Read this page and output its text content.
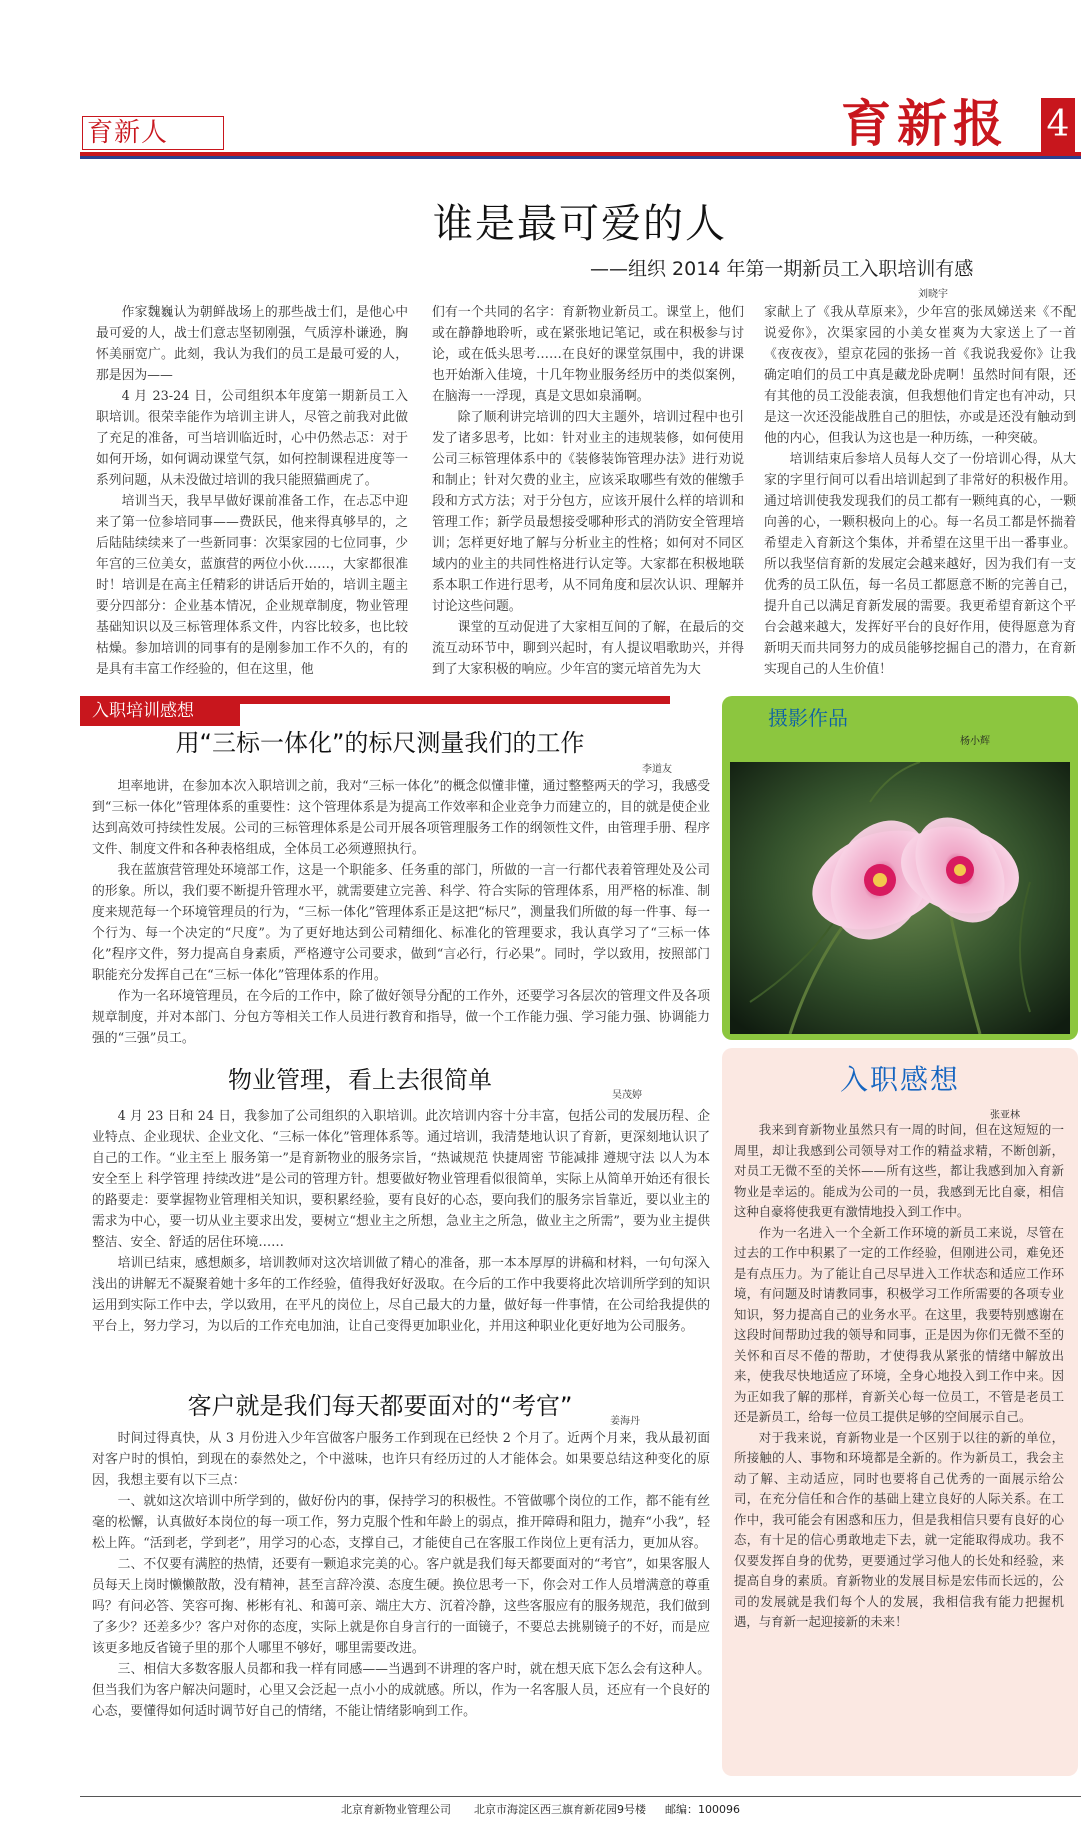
育新人	育新报 4
谁是最可爱的人
——组织 2014 年第一期新员工入职培训有感
刘晓宇

作家魏巍认为朝鲜战场上的那些战士们，是他心中最可爱的人，战士们意志坚韧刚强，气质淳朴谦逊，胸怀美丽宽广。此刻，我认为我们的员工是最可爱的人，那是因为——

4 月 23-24 日，公司组织本年度第一期新员工入职培训。很荣幸能作为培训主讲人，尽管之前我对此做了充足的准备，可当培训临近时，心中仍然忐忑：对于如何开场，如何调动课堂气氛，如何控制课程进度等一系列问题，从未没做过培训的我只能照猫画虎了。

培训当天，我早早做好课前准备工作，在忐忑中迎来了第一位参培同事——费跃民，他来得真够早的，之后陆陆续续来了一些新同事：次渠家园的七位同事，少年宫的三位美女，蓝旗营的两位小伙……，大家都很准时！培训是在高主任精彩的讲话后开始的，培训主题主要分四部分：企业基本情况，企业规章制度，物业管理基础知识以及三标管理体系文件，内容比较多，也比较枯燥。参加培训的同事有的是刚参加工作不久的，有的是具有丰富工作经验的，但在这里，他

们有一个共同的名字：育新物业新员工。课堂上，他们或在静静地聆听，或在紧张地记笔记，或在积极参与讨论，或在低头思考……在良好的课堂氛围中，我的讲课也开始渐入佳境，十几年物业服务经历中的类似案例，在脑海一一浮现，真是文思如泉涌啊。

除了顺利讲完培训的四大主题外，培训过程中也引发了诸多思考，比如：针对业主的违规装修，如何使用公司三标管理体系中的《装修装饰管理办法》进行劝说和制止；针对欠费的业主，应该采取哪些有效的催缴手段和方式方法；对于分包方，应该开展什么样的培训和管理工作；新学员最想接受哪种形式的消防安全管理培训；怎样更好地了解与分析业主的性格；如何对不同区域内的业主的共同性格进行认定等。大家都在积极地联系本职工作进行思考，从不同角度和层次认识、理解并讨论这些问题。

课堂的互动促进了大家相互间的了解，在最后的交流互动环节中，聊到兴起时，有人提议唱歌助兴，并得到了大家积极的响应。少年宫的窦元培首先为大

家献上了《我从草原来》，少年宫的张凤娣送来《不配说爱你》，次渠家园的小美女崔爽为大家送上了一首《夜夜夜》，望京花园的张扬一首《我说我爱你》让我确定咱们的员工中真是藏龙卧虎啊！虽然时间有限，还有其他的员工没能表演，但我想他们肯定也有冲动，只是这一次还没能战胜自己的胆怯，亦或是还没有触动到他的内心，但我认为这也是一种历练，一种突破。

培训结束后参培人员每人交了一份培训心得，从大家的字里行间可以看出培训起到了非常好的积极作用。通过培训使我发现我们的员工都有一颗纯真的心，一颗向善的心，一颗积极向上的心。每一名员工都是怀揣着希望走入育新这个集体，并希望在这里干出一番事业。所以我坚信育新的发展定会越来越好，因为我们有一支优秀的员工队伍，每一名员工都愿意不断的完善自己，提升自己以满足育新发展的需要。我更希望育新这个平台会越来越大，发挥好平台的良好作用，使得愿意为育新明天而共同努力的成员能够挖掘自己的潜力，在育新实现自己的人生价值！

入职培训感想
用“三标一体化”的标尺测量我们的工作
李道友

坦率地讲，在参加本次入职培训之前，我对“三标一体化”的概念似懂非懂，通过整整两天的学习，我感受到“三标一体化”管理体系的重要性：这个管理体系是为提高工作效率和企业竞争力而建立的，目的就是使企业达到高效可持续性发展。公司的三标管理体系是公司开展各项管理服务工作的纲领性文件，由管理手册、程序文件、制度文件和各种表格组成，全体员工必须遵照执行。

我在蓝旗营管理处环境部工作，这是一个职能多、任务重的部门，所做的一言一行都代表着管理处及公司的形象。所以，我们要不断提升管理水平，就需要建立完善、科学、符合实际的管理体系，用严格的标准、制度来规范每一个环境管理员的行为，“三标一体化”管理体系正是这把“标尺”，测量我们所做的每一件事、每一个行为、每一个决定的“尺度”。为了更好地达到公司精细化、标准化的管理要求，我认真学习了“三标一体化”程序文件，努力提高自身素质，严格遵守公司要求，做到“言必行，行必果”。同时，学以致用，按照部门职能充分发挥自己在“三标一体化”管理体系的作用。

作为一名环境管理员，在今后的工作中，除了做好领导分配的工作外，还要学习各层次的管理文件及各项规章制度，并对本部门、分包方等相关工作人员进行教育和指导，做一个工作能力强、学习能力强、协调能力强的“三强”员工。

物业管理，看上去很简单
吴茂婷

4 月 23 日和 24 日，我参加了公司组织的入职培训。此次培训内容十分丰富，包括公司的发展历程、企业特点、企业现状、企业文化、“三标一体化”管理体系等。通过培训，我清楚地认识了育新，更深刻地认识了自己的工作。“业主至上 服务第一”是育新物业的服务宗旨，“热诚规范 快捷周密 节能减排 遵规守法 以人为本 安全至上 科学管理 持续改进”是公司的管理方针。想要做好物业管理看似很简单，实际上从简单开始还有很长的路要走：要掌握物业管理相关知识，要积累经验，要有良好的心态，要向我们的服务宗旨靠近，要以业主的需求为中心，要一切从业主要求出发，要树立“想业主之所想，急业主之所急，做业主之所需”，要为业主提供整洁、安全、舒适的居住环境……

培训已结束，感想颇多，培训教师对这次培训做了精心的准备，那一本本厚厚的讲稿和材料，一句句深入浅出的讲解无不凝聚着她十多年的工作经验，值得我好好汲取。在今后的工作中我要将此次培训所学到的知识运用到实际工作中去，学以致用，在平凡的岗位上，尽自己最大的力量，做好每一件事情，在公司给我提供的平台上，努力学习，为以后的工作充电加油，让自己变得更加职业化，并用这种职业化更好地为公司服务。

客户就是我们每天都要面对的“考官”
姜海丹

时间过得真快，从 3 月份进入少年宫做客户服务工作到现在已经快 2 个月了。近两个月来，我从最初面对客户时的惧怕，到现在的泰然处之，个中滋味，也许只有经历过的人才能体会。如果要总结这种变化的原因，我想主要有以下三点：

一、就如这次培训中所学到的，做好份内的事，保持学习的积极性。不管做哪个岗位的工作，都不能有丝毫的松懈，认真做好本岗位的每一项工作，努力克服个性和年龄上的弱点，推开障碍和阻力，抛弃“小我”，轻松上阵。“活到老，学到老”，用学习的心态，支撑自己，才能使自己在客服工作岗位上更有活力，更加从容。

二、不仅要有满腔的热情，还要有一颗追求完美的心。客户就是我们每天都要面对的“考官”，如果客服人员每天上岗时懒懒散散，没有精神，甚至言辞冷漠、态度生硬。换位思考一下，你会对工作人员增满意的尊重吗？有问必答、笑容可掬、彬彬有礼、和蔼可亲、端庄大方、沉着冷静，这些客服应有的服务规范，我们做到了多少？还差多少？客户对你的态度，实际上就是你自身言行的一面镜子，不要总去挑剔镜子的不好，而是应该更多地反省镜子里的那个人哪里不够好，哪里需要改进。

三、相信大多数客服人员都和我一样有同感——当遇到不讲理的客户时，就在想天底下怎么会有这种人。但当我们为客户解决问题时，心里又会泛起一点小小的成就感。所以，作为一名客服人员，还应有一个良好的心态，要懂得如何适时调节好自己的情绪，不能让情绪影响到工作。

摄影作品
杨小辉
入职感想
张亚林

我来到育新物业虽然只有一周的时间，但在这短短的一周里，却让我感到公司领导对工作的精益求精，不断创新，对员工无微不至的关怀——所有这些，都让我感到加入育新物业是幸运的。能成为公司的一员，我感到无比自豪，相信这种自豪将使我更有激情地投入到工作中。

作为一名进入一个全新工作环境的新员工来说，尽管在过去的工作中积累了一定的工作经验，但刚进公司，难免还是有点压力。为了能让自己尽早进入工作状态和适应工作环境，有问题及时请教同事，积极学习工作所需要的各项专业知识，努力提高自己的业务水平。在这里，我要特别感谢在这段时间帮助过我的领导和同事，正是因为你们无微不至的关怀和百尽不倦的帮助，才使得我从紧张的情绪中解放出来，使我尽快地适应了环境，全身心地投入到工作中来。因为正如我了解的那样，育新关心每一位员工，不管是老员工还是新员工，给每一位员工提供足够的空间展示自己。

对于我来说，育新物业是一个区别于以往的新的单位，所接触的人、事物和环境都是全新的。作为新员工，我会主动了解、主动适应，同时也要将自己优秀的一面展示给公司，在充分信任和合作的基础上建立良好的人际关系。在工作中，我可能会有困惑和压力，但是我相信只要有良好的心态，有十足的信心勇敢地走下去，就一定能取得成功。我不仅要发挥自身的优势，更要通过学习他人的长处和经验，来提高自身的素质。育新物业的发展目标是宏伟而长远的，公司的发展就是我们每个人的发展，我相信我有能力把握机遇，与育新一起迎接新的未来！

北京育新物业管理公司 北京市海淀区西三旗育新花园9号楼 邮编：100096
